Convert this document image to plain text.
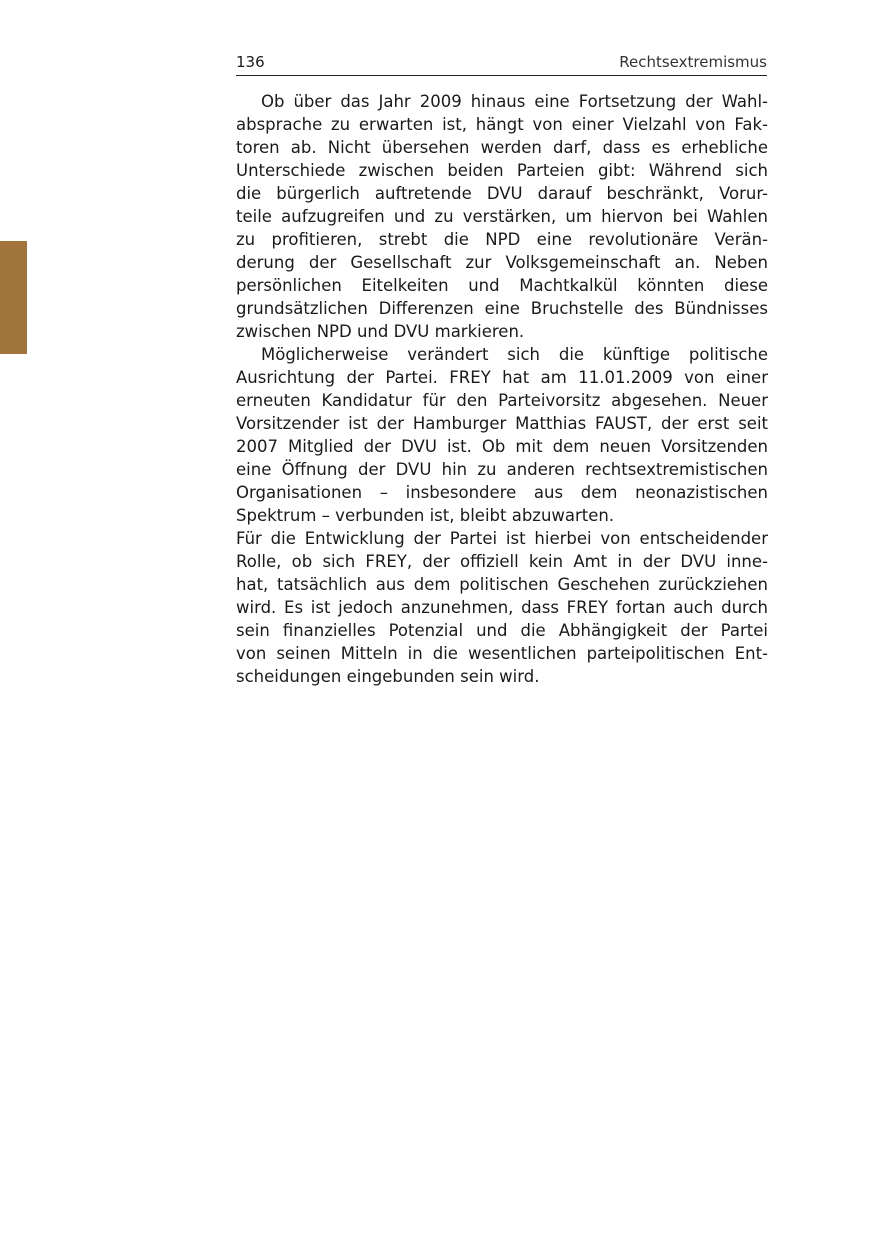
136	Rechtsextremismus
Ob über das Jahr 2009 hinaus eine Fortsetzung der Wahl-
absprache zu erwarten ist, hängt von einer Vielzahl von Fak-
toren ab. Nicht übersehen werden darf, dass es erhebliche
Unterschiede zwischen beiden Parteien gibt: Während sich
die bürgerlich auftretende DVU darauf beschränkt, Vorur-
teile aufzugreifen und zu verstärken, um hiervon bei Wahlen
zu profitieren, strebt die NPD eine revolutionäre Verän-
derung der Gesellschaft zur Volksgemeinschaft an. Neben
persönlichen Eitelkeiten und Machtkalkül könnten diese
grundsätzlichen Differenzen eine Bruchstelle des Bündnisses
zwischen NPD und DVU markieren.
Möglicherweise verändert sich die künftige politische
Ausrichtung der Partei. FREY hat am 11.01.2009 von einer
erneuten Kandidatur für den Parteivorsitz abgesehen. Neuer
Vorsitzender ist der Hamburger Matthias FAUST, der erst seit
2007 Mitglied der DVU ist. Ob mit dem neuen Vorsitzenden
eine Öffnung der DVU hin zu anderen rechtsextremistischen
Organisationen – insbesondere aus dem neonazistischen
Spektrum – verbunden ist, bleibt abzuwarten.
Für die Entwicklung der Partei ist hierbei von entscheidender
Rolle, ob sich FREY, der offiziell kein Amt in der DVU inne-
hat, tatsächlich aus dem politischen Geschehen zurückziehen
wird. Es ist jedoch anzunehmen, dass FREY fortan auch durch
sein finanzielles Potenzial und die Abhängigkeit der Partei
von seinen Mitteln in die wesentlichen parteipolitischen Ent-
scheidungen eingebunden sein wird.
